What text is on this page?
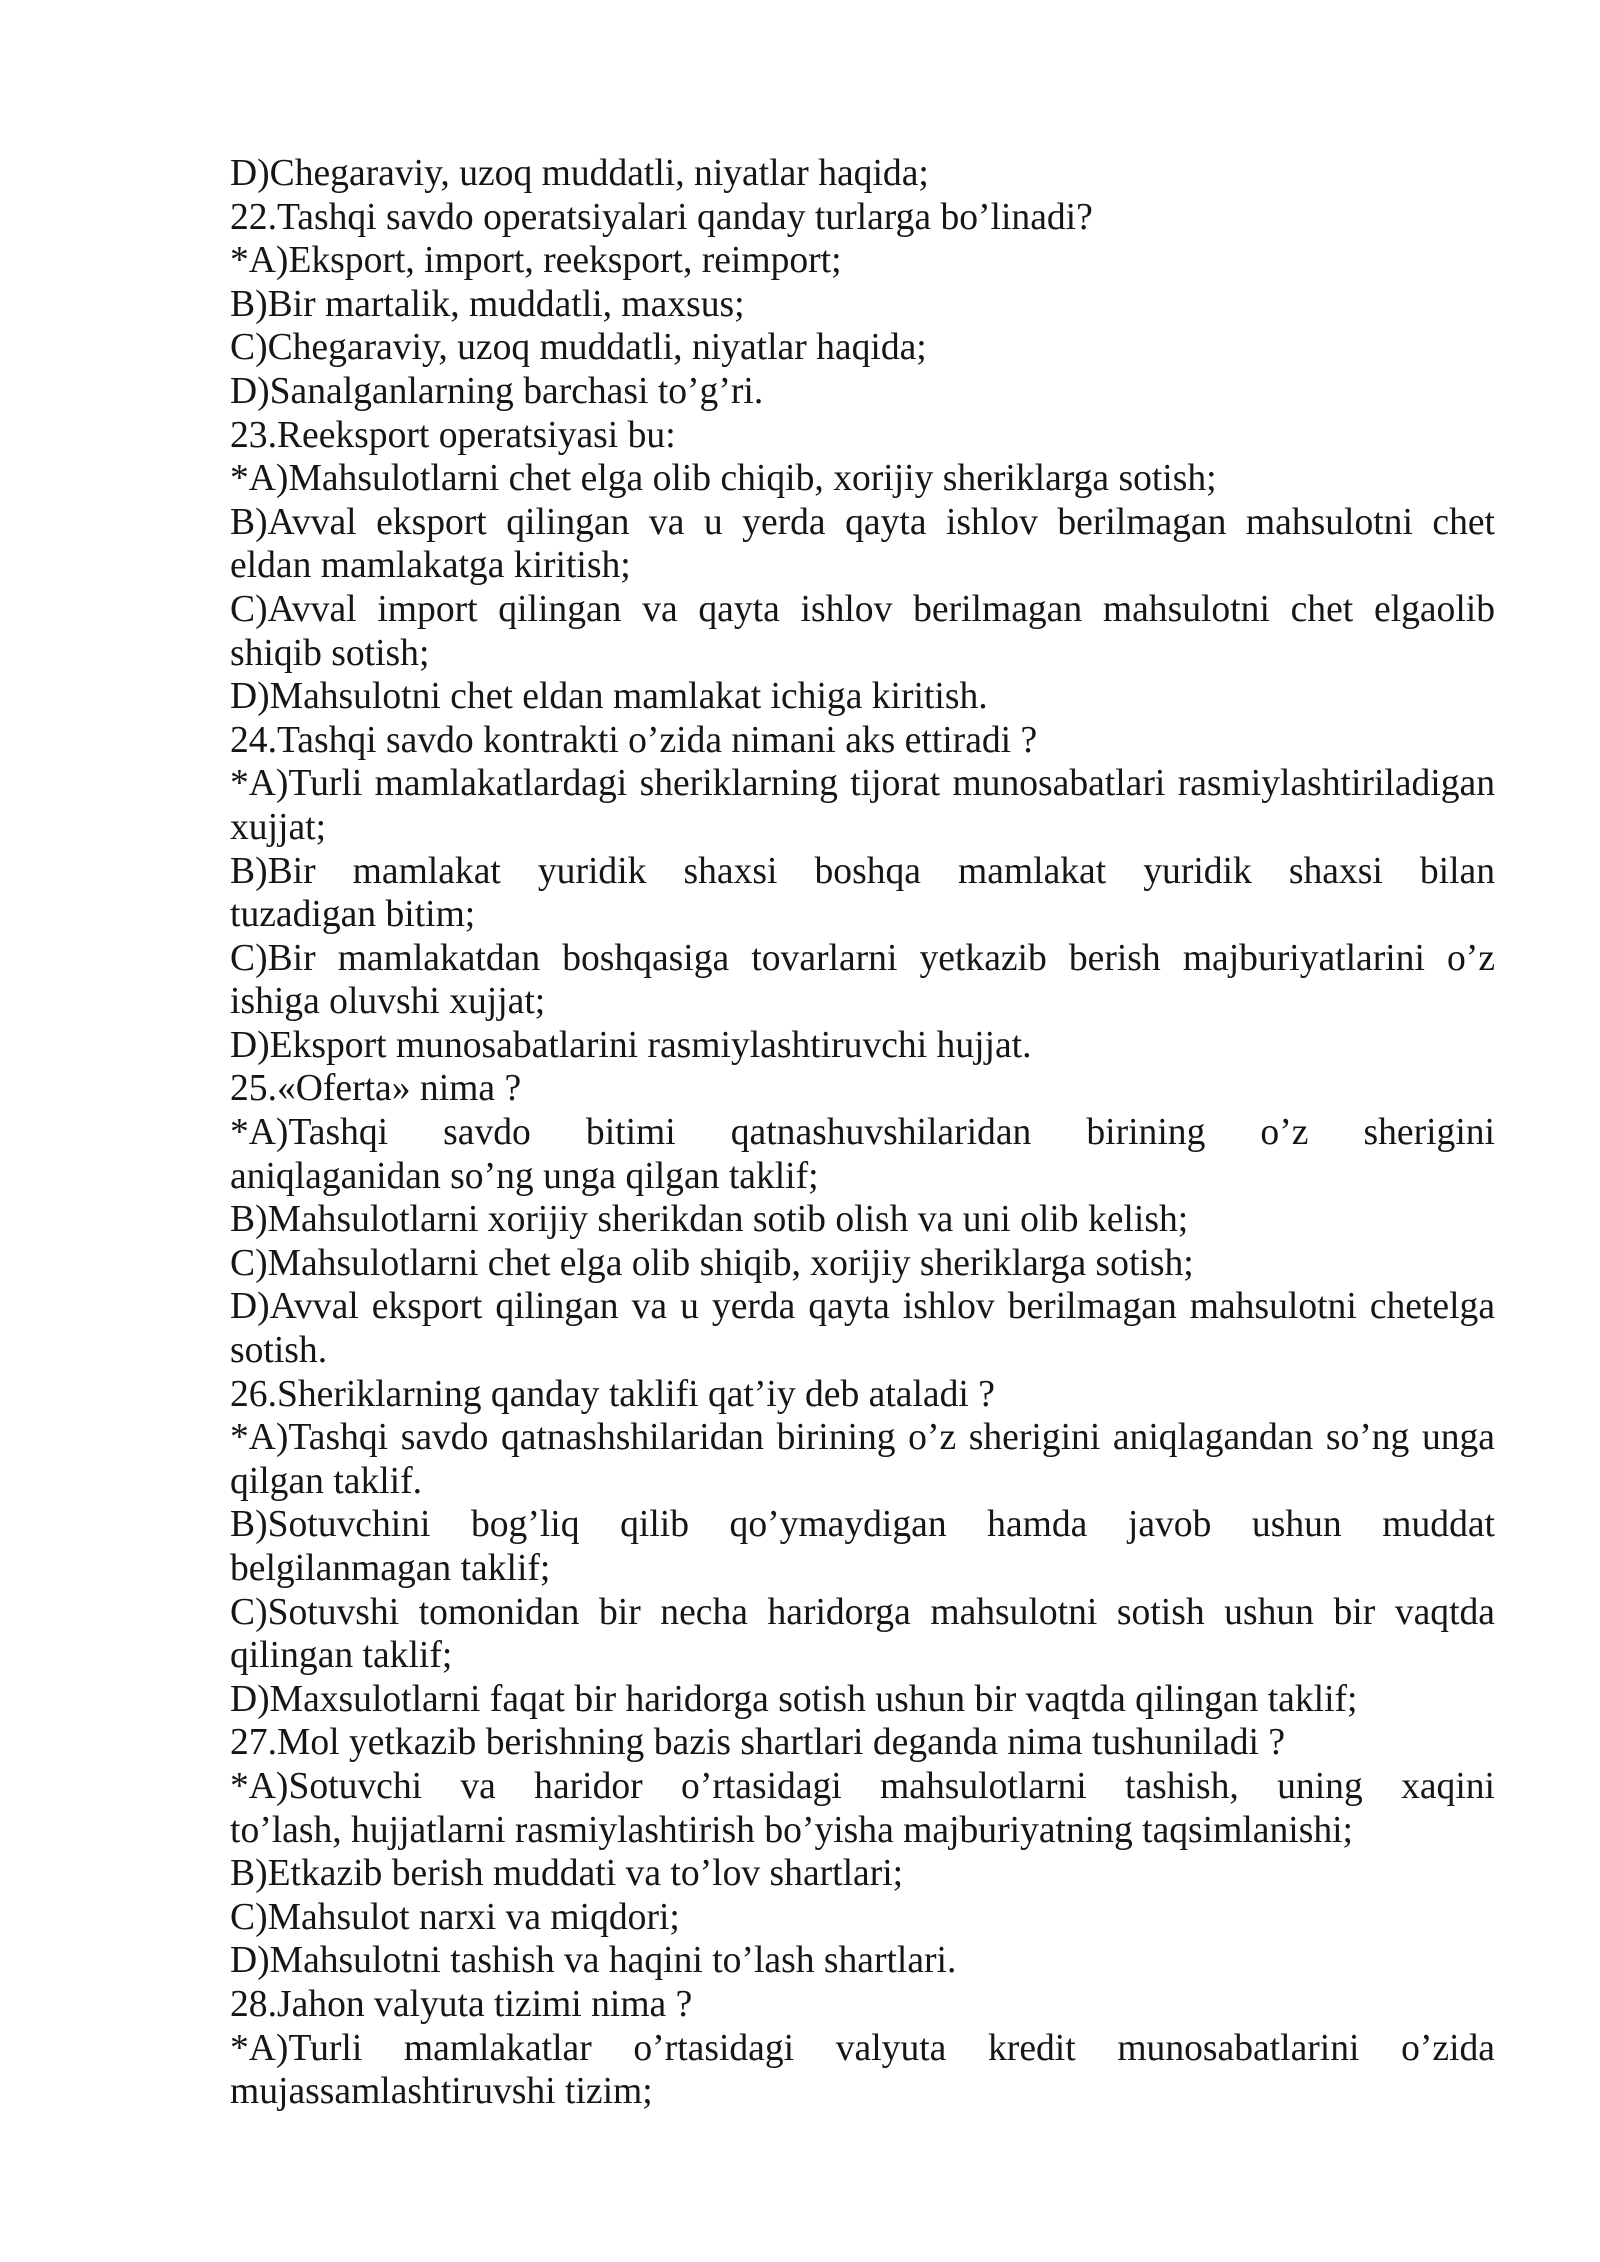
D)Chegaraviy, uzoq muddatli, niyatlar haqida;
22.Tashqi savdo operatsiyalari qanday turlarga bo’linadi?
*A)Eksport, import, reeksport, reimport;
B)Bir martalik, muddatli, maxsus;
C)Chegaraviy, uzoq muddatli, niyatlar haqida;
D)Sanalganlarning barchasi to’g’ri.
23.Reeksport operatsiyasi bu:
*A)Mahsulotlarni chet elga olib chiqib, xorijiy sheriklarga sotish;
B)Avval eksport qilingan va u yerda qayta ishlov berilmagan mahsulotni chet
eldan mamlakatga kiritish;
C)Avval import qilingan va qayta ishlov berilmagan mahsulotni chet elgaolib
shiqib sotish;
D)Mahsulotni chet eldan mamlakat ichiga kiritish.
24.Tashqi savdo kontrakti o’zida nimani aks ettiradi ?
*A)Turli mamlakatlardagi sheriklarning tijorat munosabatlari rasmiylashtiriladigan
xujjat;
B)Bir mamlakat yuridik shaxsi boshqa mamlakat yuridik shaxsi bilan
tuzadigan bitim;
C)Bir mamlakatdan boshqasiga tovarlarni yetkazib berish majburiyatlarini o’z
ishiga oluvshi xujjat;
D)Eksport munosabatlarini rasmiylashtiruvchi hujjat.
25.«Oferta» nima ?
*A)Tashqi savdo bitimi qatnashuvshilaridan birining o’z sherigini
aniqlaganidan so’ng unga qilgan taklif;
B)Mahsulotlarni xorijiy sherikdan sotib olish va uni olib kelish;
C)Mahsulotlarni chet elga olib shiqib, xorijiy sheriklarga sotish;
D)Avval eksport qilingan va u yerda qayta ishlov berilmagan mahsulotni chetelga
sotish.
26.Sheriklarning qanday taklifi qat’iy deb ataladi ?
*A)Tashqi savdo qatnashshilaridan birining o’z sherigini aniqlagandan so’ng unga
qilgan taklif.
B)Sotuvchini bog’liq qilib qo’ymaydigan hamda javob ushun muddat
belgilanmagan taklif;
C)Sotuvshi tomonidan bir necha haridorga mahsulotni sotish ushun bir vaqtda
qilingan taklif;
D)Maxsulotlarni faqat bir haridorga sotish ushun bir vaqtda qilingan taklif;
27.Mol yetkazib berishning bazis shartlari deganda nima tushuniladi ?
*A)Sotuvchi va haridor o’rtasidagi mahsulotlarni tashish, uning xaqini
to’lash, hujjatlarni rasmiylashtirish bo’yisha majburiyatning taqsimlanishi;
B)Etkazib berish muddati va to’lov shartlari;
C)Mahsulot narxi va miqdori;
D)Mahsulotni tashish va haqini to’lash shartlari.
28.Jahon valyuta tizimi nima ?
*A)Turli mamlakatlar o’rtasidagi valyuta kredit munosabatlarini o’zida
mujassamlashtiruvshi tizim;
